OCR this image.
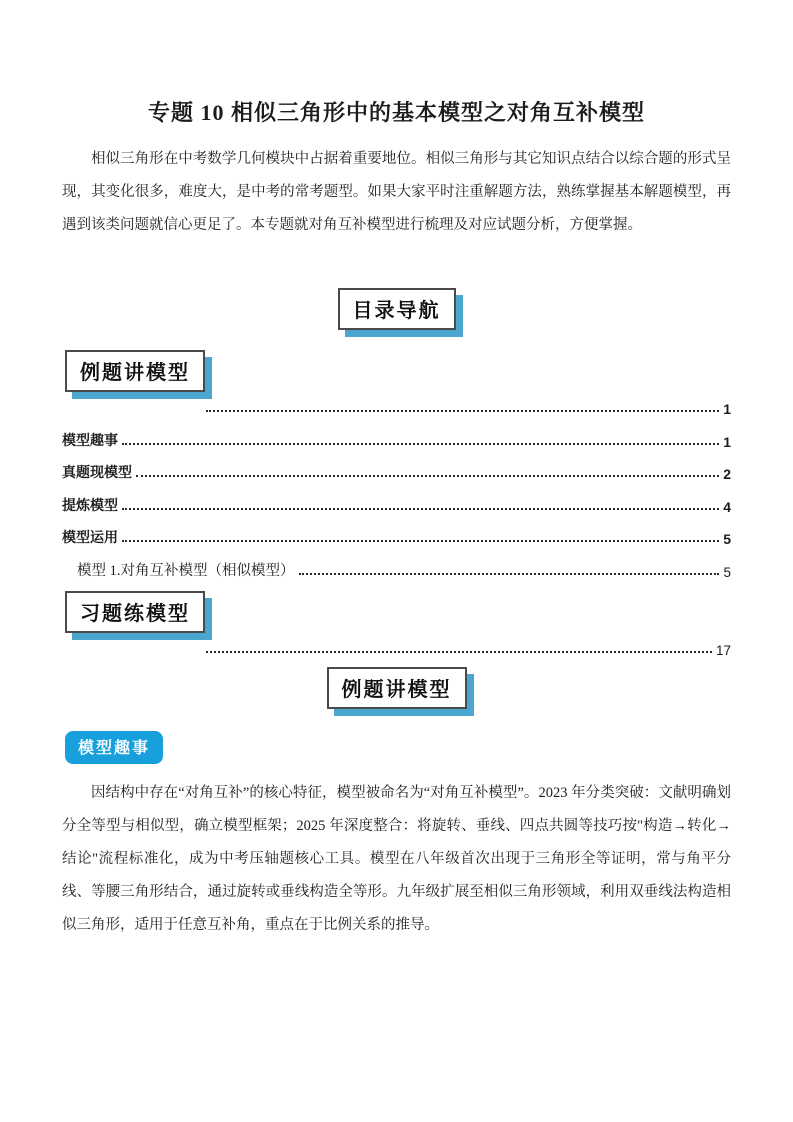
专题 10 相似三角形中的基本模型之对角互补模型

相似三角形在中考数学几何模块中占据着重要地位。相似三角形与其它知识点结合以综合题的形式呈现，其变化很多，难度大，是中考的常考题型。如果大家平时注重解题方法，熟练掌握基本解题模型，再遇到该类问题就信心更足了。本专题就对角互补模型进行梳理及对应试题分析，方便掌握。

目录导航
例题讲模型
1
模型趣事	1
真题现模型	2
提炼模型	4
模型运用	5
模型 1.对角互补模型（相似模型）	5
习题练模型
17
例题讲模型
模型趣事

因结构中存在“对角互补”的核心特征，模型被命名为“对角互补模型”。2023 年分类突破：文献明确划分全等型与相似型，确立模型框架；2025 年深度整合：将旋转、垂线、四点共圆等技巧按"构造→转化→结论"流程标准化，成为中考压轴题核心工具。模型在八年级首次出现于三角形全等证明，常与角平分线、等腰三角形结合，通过旋转或垂线构造全等形。九年级扩展至相似三角形领域，利用双垂线法构造相似三角形，适用于任意互补角，重点在于比例关系的推导。
